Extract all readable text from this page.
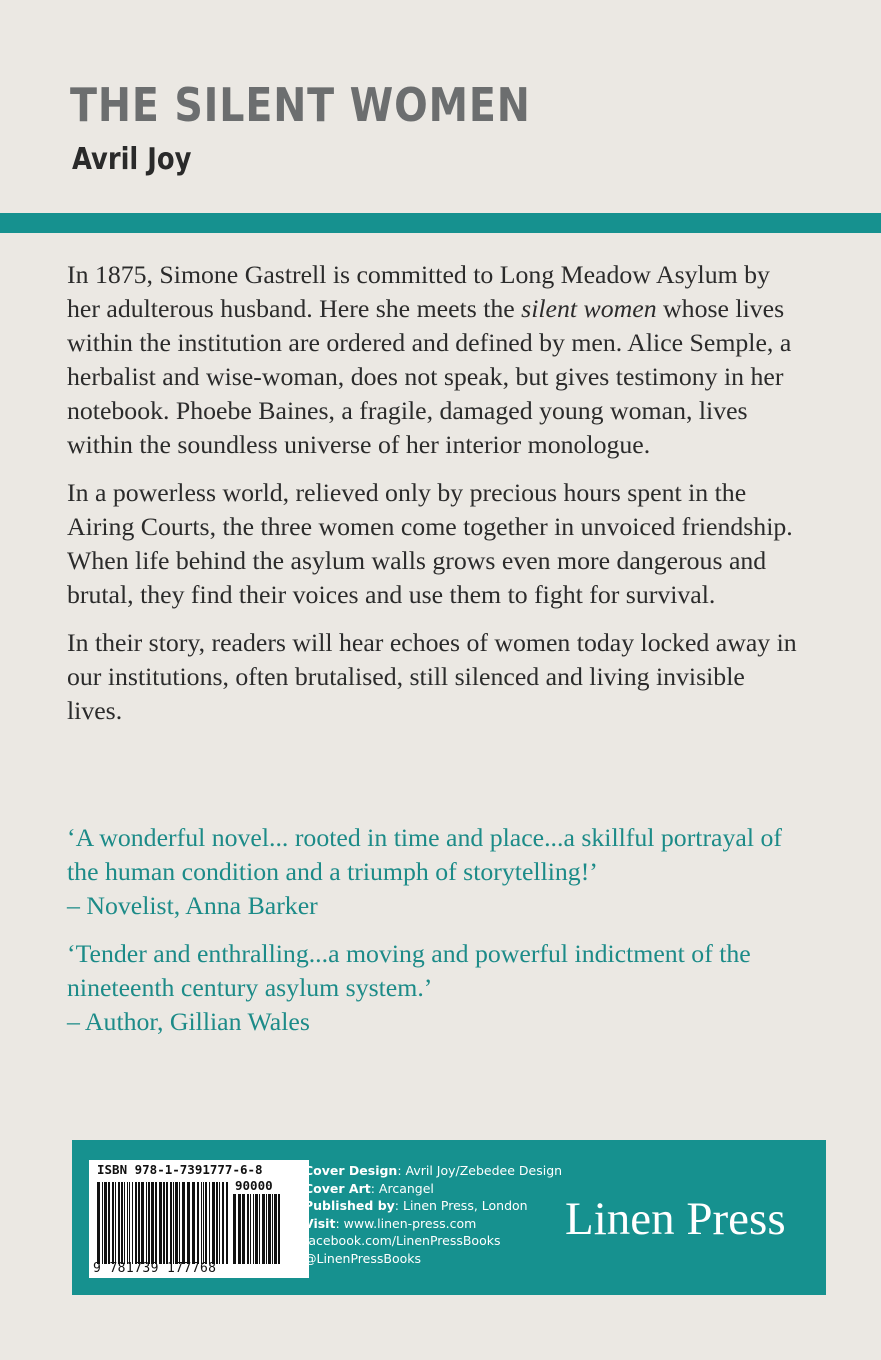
THE SILENT WOMEN
Avril Joy

In 1875, Simone Gastrell is committed to Long Meadow Asylum by her adulterous husband. Here she meets the silent women whose lives within the institution are ordered and defined by men. Alice Semple, a herbalist and wise-woman, does not speak, but gives testimony in her notebook. Phoebe Baines, a fragile, damaged young woman, lives within the soundless universe of her interior monologue.

In a powerless world, relieved only by precious hours spent in the Airing Courts, the three women come together in unvoiced friendship. When life behind the asylum walls grows even more dangerous and brutal, they find their voices and use them to fight for survival.

In their story, readers will hear echoes of women today locked away in our institutions, often brutalised, still silenced and living invisible lives.

‘A wonderful novel... rooted in time and place...a skillful portrayal of the human condition and a triumph of storytelling!’
– Novelist, Anna Barker
‘Tender and enthralling...a moving and powerful indictment of the nineteenth century asylum system.’
– Author, Gillian Wales
ISBN 978-1-7391777-6-8
90000
9 781739 177768
Cover Design: Avril Joy/Zebedee Design
Cover Art: Arcangel
Published by: Linen Press, London
Visit: www.linen-press.com
facebook.com/LinenPressBooks
@LinenPressBooks
Linen Press
